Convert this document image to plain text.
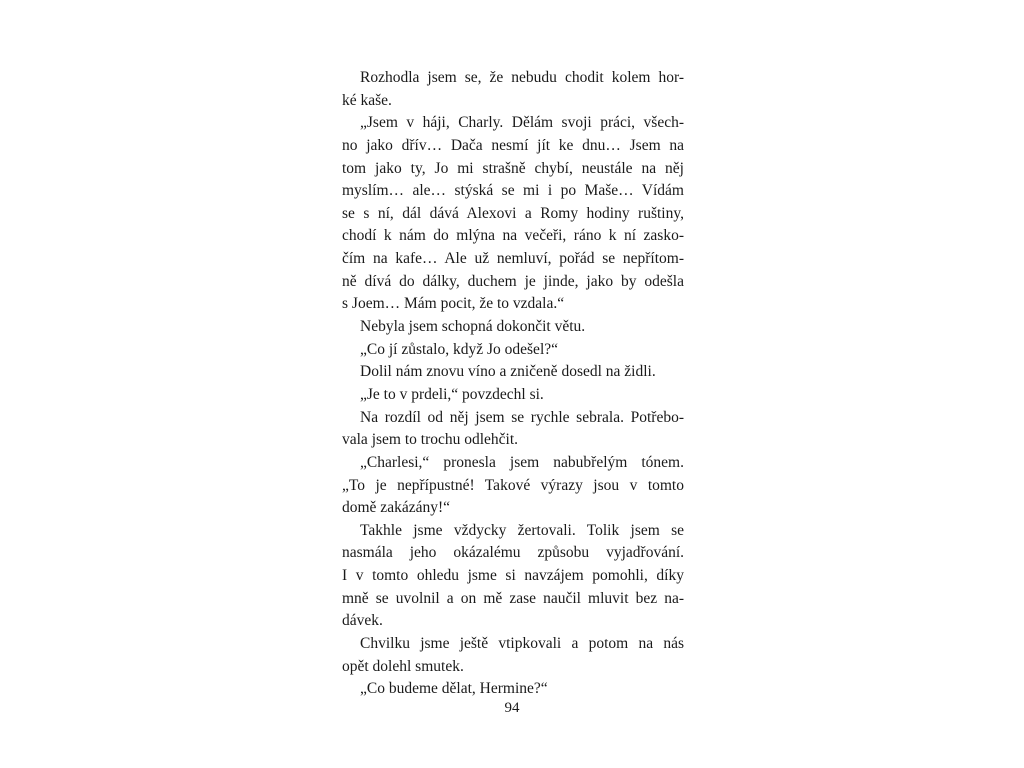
Rozhodla jsem se, že nebudu chodit kolem hor-
ké kaše.
„Jsem v háji, Charly. Dělám svoji práci, všech-
no jako dřív… Dača nesmí jít ke dnu… Jsem na
tom jako ty, Jo mi strašně chybí, neustále na něj
myslím… ale… stýská se mi i po Maše… Vídám
se s ní, dál dává Alexovi a Romy hodiny ruštiny,
chodí k nám do mlýna na večeři, ráno k ní zasko-
čím na kafe… Ale už nemluví, pořád se nepřítom-
ně dívá do dálky, duchem je jinde, jako by odešla
s Joem… Mám pocit, že to vzdala.“
Nebyla jsem schopná dokončit větu.
„Co jí zůstalo, když Jo odešel?“
Dolil nám znovu víno a zničeně dosedl na židli.
„Je to v prdeli,“ povzdechl si.
Na rozdíl od něj jsem se rychle sebrala. Potřebo-
vala jsem to trochu odlehčit.
„Charlesi,“ pronesla jsem nabubřelým tónem.
„To je nepřípustné! Takové výrazy jsou v tomto
domě zakázány!“
Takhle jsme vždycky žertovali. Tolik jsem se
nasmála jeho okázalému způsobu vyjadřování.
I v tomto ohledu jsme si navzájem pomohli, díky
mně se uvolnil a on mě zase naučil mluvit bez na-
dávek.
Chvilku jsme ještě vtipkovali a potom na nás
opět dolehl smutek.
„Co budeme dělat, Hermine?“
94
